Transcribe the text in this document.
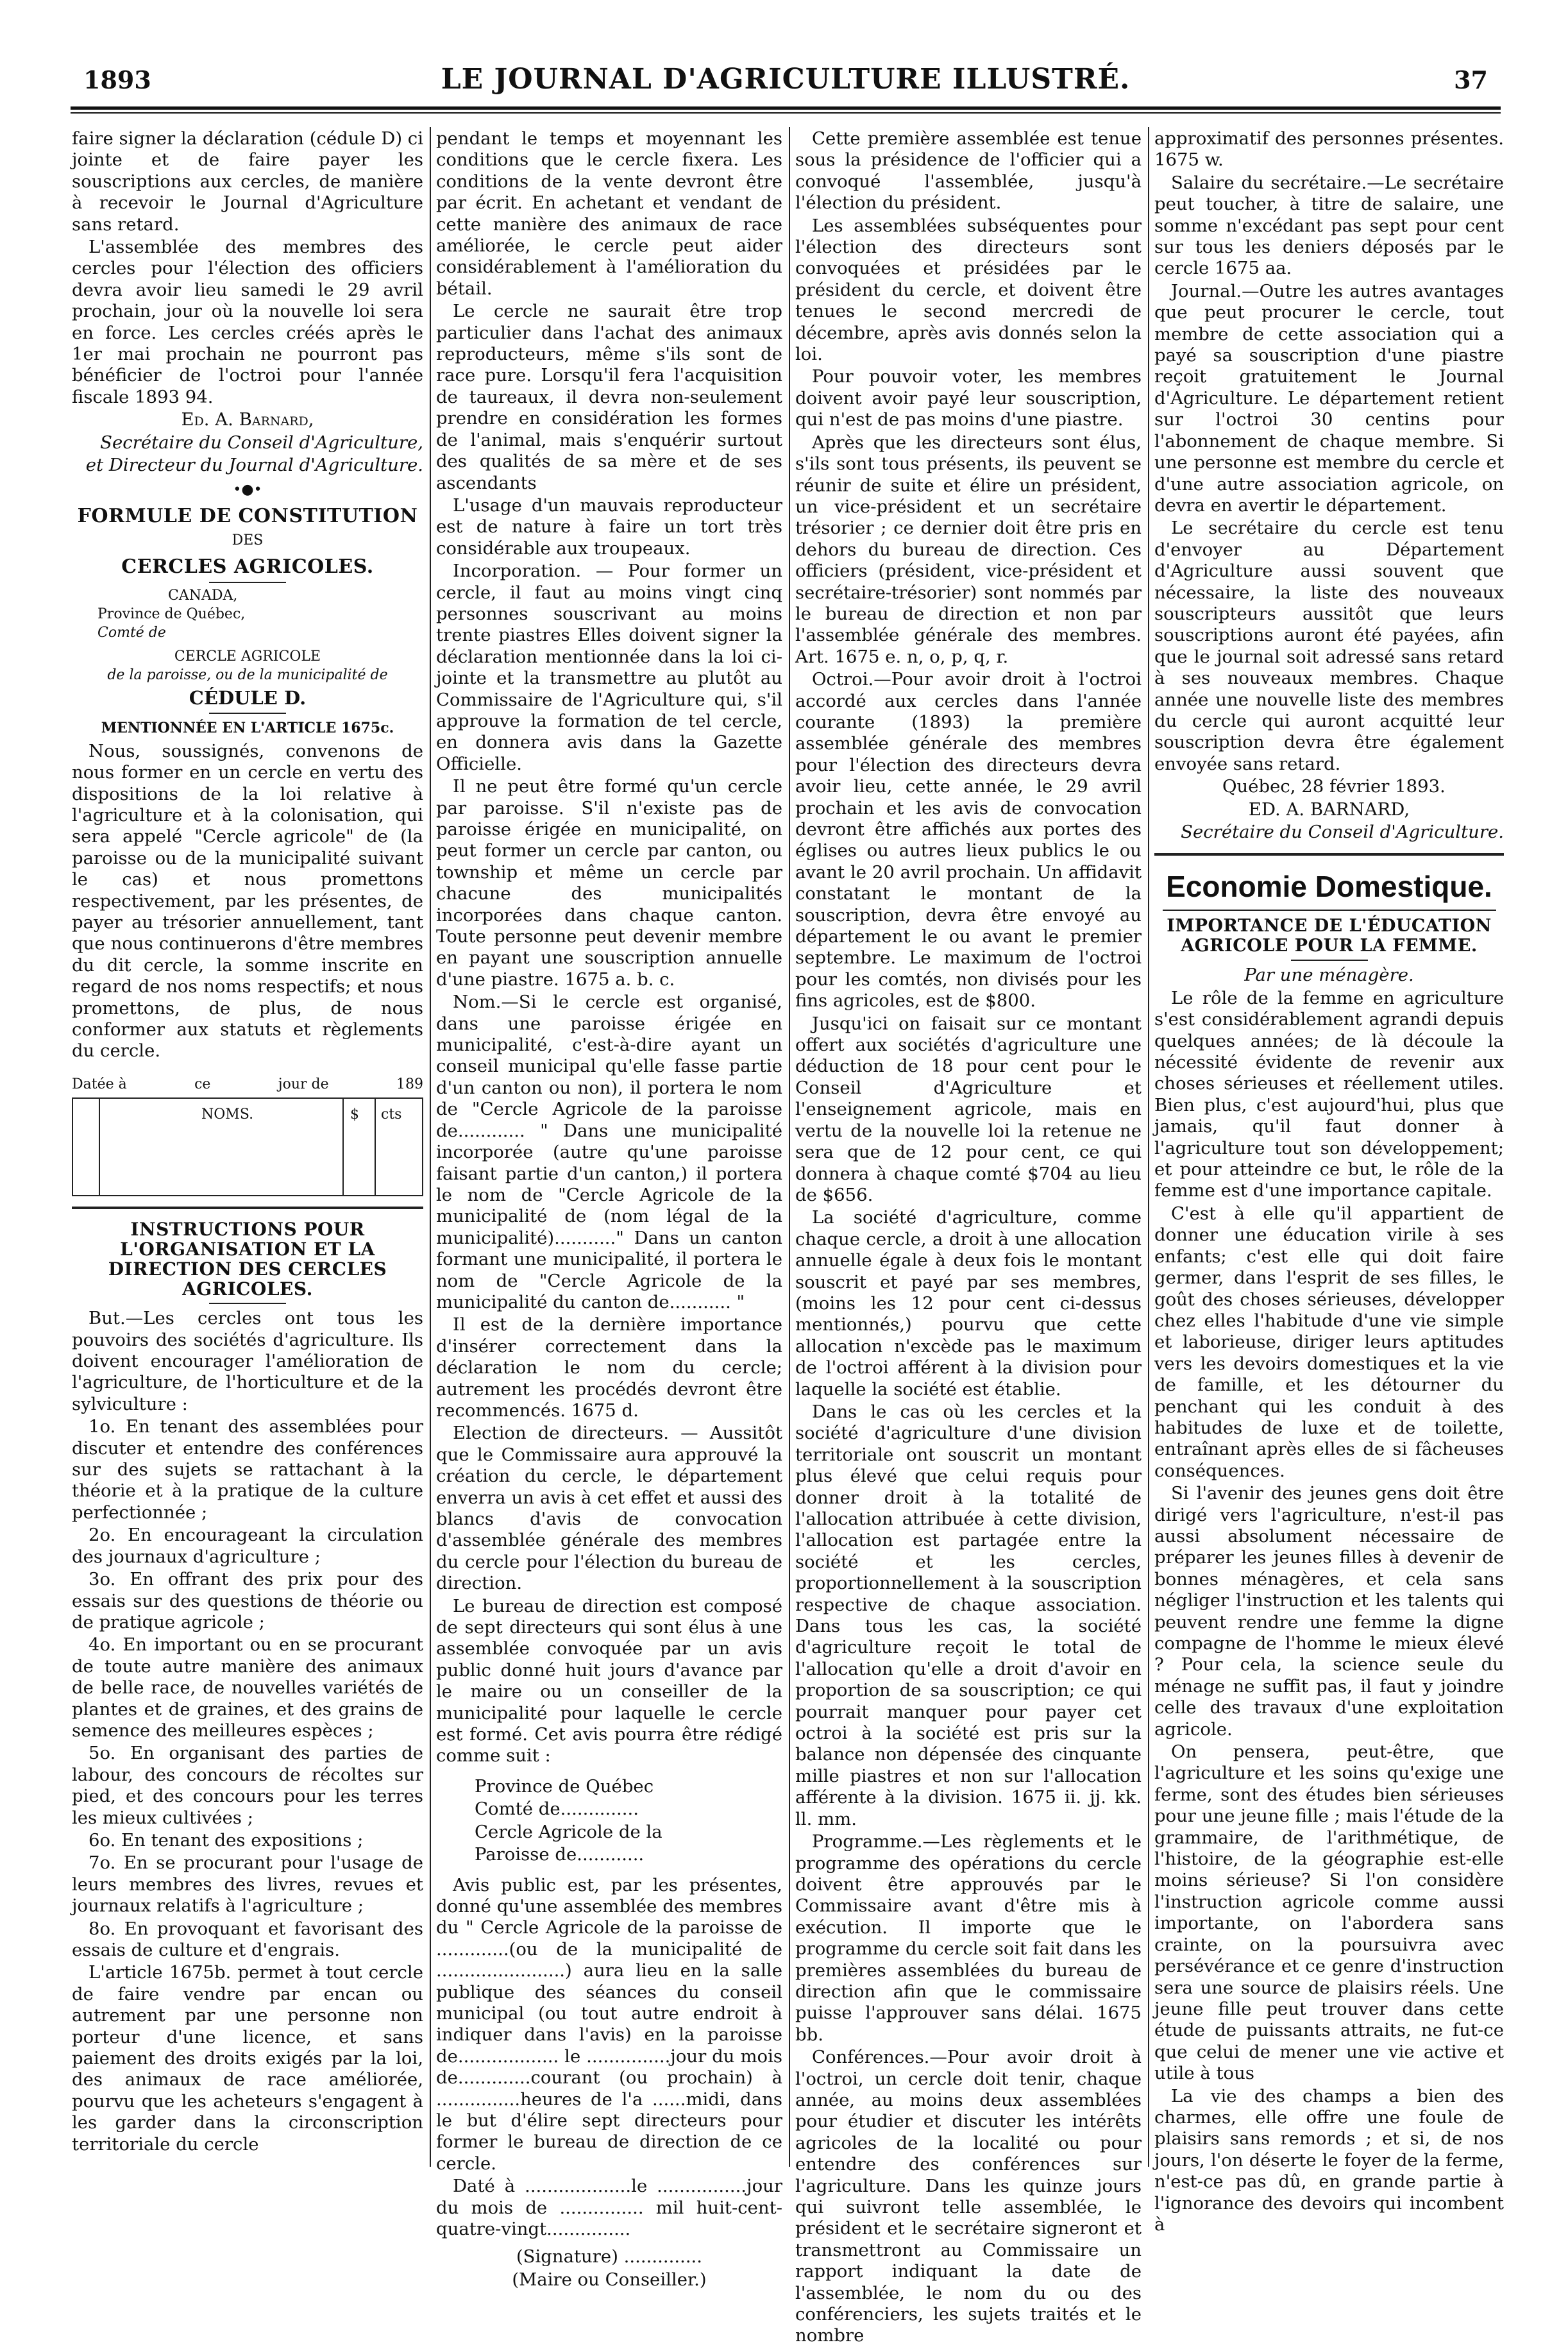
1893	LE JOURNAL D'AGRICULTURE ILLUSTRÉ.	37

faire signer la déclaration (cédule D) ci jointe et de faire payer les souscriptions aux cercles, de manière à recevoir le Journal d'Agriculture sans retard.

L'assemblée des membres des cercles pour l'élection des officiers devra avoir lieu samedi le 29 avril prochain, jour où la nouvelle loi sera en force. Les cercles créés après le 1er mai prochain ne pourront pas bénéficier de l'octroi pour l'année fiscale 1893 94.

Ed. A. Barnard,

Secrétaire du Conseil d'Agriculture,

et Directeur du Journal d'Agriculture.

•●•

FORMULE DE CONSTITUTION

DES

CERCLES AGRICOLES.

CANADA,

Province de Québec,

Comté de

CERCLE AGRICOLE

de la paroisse, ou de la municipalité de

CÉDULE D.

MENTIONNÉE EN L'ARTICLE 1675c.

Nous, soussignés, convenons de nous former en un cercle en vertu des dispositions de la loi relative à l'agriculture et à la colonisation, qui sera appelé "Cercle agricole" de (la paroisse ou de la municipalité suivant le cas) et nous promettons respectivement, par les présentes, de payer au trésorier annuellement, tant que nous continuerons d'être membres du dit cercle, la somme inscrite en regard de nos noms respectifs; et nous promettons, de plus, de nous conformer aux statuts et règlements du cercle.

Datée à	ce	jour de	189
NOMS.	$ cts
INSTRUCTIONS POUR L'ORGANISATION ET LA DIRECTION DES CERCLES AGRICOLES.

But.—Les cercles ont tous les pouvoirs des sociétés d'agriculture. Ils doivent encourager l'amélioration de l'agriculture, de l'horticulture et de la sylviculture :

1o. En tenant des assemblées pour discuter et entendre des conférences sur des sujets se rattachant à la théorie et à la pratique de la culture perfectionnée ;

2o. En encourageant la circulation des journaux d'agriculture ;

3o. En offrant des prix pour des essais sur des questions de théorie ou de pratique agricole ;

4o. En important ou en se procurant de toute autre manière des animaux de belle race, de nouvelles variétés de plantes et de graines, et des grains de semence des meilleures espèces ;

5o. En organisant des parties de labour, des concours de récoltes sur pied, et des concours pour les terres les mieux cultivées ;

6o. En tenant des expositions ;

7o. En se procurant pour l'usage de leurs membres des livres, revues et journaux relatifs à l'agriculture ;

8o. En provoquant et favorisant des essais de culture et d'engrais.

L'article 1675b. permet à tout cercle de faire vendre par encan ou autrement par une personne non porteur d'une licence, et sans paiement des droits exigés par la loi, des animaux de race améliorée, pourvu que les acheteurs s'engagent à les garder dans la circonscription territoriale du cercle

pendant le temps et moyennant les conditions que le cercle fixera. Les conditions de la vente devront être par écrit. En achetant et vendant de cette manière des animaux de race améliorée, le cercle peut aider considérablement à l'amélioration du bétail.

Le cercle ne saurait être trop particulier dans l'achat des animaux reproducteurs, même s'ils sont de race pure. Lorsqu'il fera l'acquisition de taureaux, il devra non-seulement prendre en considération les formes de l'animal, mais s'enquérir surtout des qualités de sa mère et de ses ascendants

L'usage d'un mauvais reproducteur est de nature à faire un tort très considérable aux troupeaux.

Incorporation. — Pour former un cercle, il faut au moins vingt cinq personnes souscrivant au moins trente piastres Elles doivent signer la déclaration mentionnée dans la loi ci-jointe et la transmettre au plutôt au Commissaire de l'Agriculture qui, s'il approuve la formation de tel cercle, en donnera avis dans la Gazette Officielle.

Il ne peut être formé qu'un cercle par paroisse. S'il n'existe pas de paroisse érigée en municipalité, on peut former un cercle par canton, ou township et même un cercle par chacune des municipalités incorporées dans chaque canton. Toute personne peut devenir membre en payant une souscription annuelle d'une piastre. 1675 a. b. c.

Nom.—Si le cercle est organisé, dans une paroisse érigée en municipalité, c'est-à-dire ayant un conseil municipal qu'elle fasse partie d'un canton ou non), il portera le nom de "Cercle Agricole de la paroisse de............ " Dans une municipalité incorporée (autre qu'une paroisse faisant partie d'un canton,) il portera le nom de "Cercle Agricole de la municipalité de (nom légal de la municipalité)..........." Dans un canton formant une municipalité, il portera le nom de "Cercle Agricole de la municipalité du canton de........... "

Il est de la dernière importance d'insérer correctement dans la déclaration le nom du cercle; autrement les procédés devront être recommencés. 1675 d.

Election de directeurs. — Aussitôt que le Commissaire aura approuvé la création du cercle, le département enverra un avis à cet effet et aussi des blancs d'avis de convocation d'assemblée générale des membres du cercle pour l'élection du bureau de direction.

Le bureau de direction est composé de sept directeurs qui sont élus à une assemblée convoquée par un avis public donné huit jours d'avance par le maire ou un conseiller de la municipalité pour laquelle le cercle est formé. Cet avis pourra être rédigé comme suit :

Province de Québec

Comté de..............

Cercle Agricole de la

Paroisse de............

Avis public est, par les présentes, donné qu'une assemblée des membres du " Cercle Agricole de la paroisse de .............(ou de la municipalité de .......................) aura lieu en la salle publique des séances du conseil municipal (ou tout autre endroit à indiquer dans l'avis) en la paroisse de.................. le ...............jour du mois de.............courant (ou prochain) à ...............heures de l'a ......midi, dans le but d'élire sept directeurs pour former le bureau de direction de ce cercle.

Daté à ...................le ................jour du mois de ............... mil huit-cent-quatre-vingt...............

(Signature) ..............

(Maire ou Conseiller.)

Cette première assemblée est tenue sous la présidence de l'officier qui a convoqué l'assemblée, jusqu'à l'élection du président.

Les assemblées subséquentes pour l'élection des directeurs sont convoquées et présidées par le président du cercle, et doivent être tenues le second mercredi de décembre, après avis donnés selon la loi.

Pour pouvoir voter, les membres doivent avoir payé leur souscription, qui n'est de pas moins d'une piastre.

Après que les directeurs sont élus, s'ils sont tous présents, ils peuvent se réunir de suite et élire un président, un vice-président et un secrétaire trésorier ; ce dernier doit être pris en dehors du bureau de direction. Ces officiers (président, vice-président et secrétaire-trésorier) sont nommés par le bureau de direction et non par l'assemblée générale des membres. Art. 1675 e. n, o, p, q, r.

Octroi.—Pour avoir droit à l'octroi accordé aux cercles dans l'année courante (1893) la première assemblée générale des membres pour l'élection des directeurs devra avoir lieu, cette année, le 29 avril prochain et les avis de convocation devront être affichés aux portes des églises ou autres lieux publics le ou avant le 20 avril prochain. Un affidavit constatant le montant de la souscription, devra être envoyé au département le ou avant le premier septembre. Le maximum de l'octroi pour les comtés, non divisés pour les fins agricoles, est de $800.

Jusqu'ici on faisait sur ce montant offert aux sociétés d'agriculture une déduction de 18 pour cent pour le Conseil d'Agriculture et l'enseignement agricole, mais en vertu de la nouvelle loi la retenue ne sera que de 12 pour cent, ce qui donnera à chaque comté $704 au lieu de $656.

La société d'agriculture, comme chaque cercle, a droit à une allocation annuelle égale à deux fois le montant souscrit et payé par ses membres, (moins les 12 pour cent ci-dessus mentionnés,) pourvu que cette allocation n'excède pas le maximum de l'octroi afférent à la division pour laquelle la société est établie.

Dans le cas où les cercles et la société d'agriculture d'une division territoriale ont souscrit un montant plus élevé que celui requis pour donner droit à la totalité de l'allocation attribuée à cette division, l'allocation est partagée entre la société et les cercles, proportionnellement à la souscription respective de chaque association. Dans tous les cas, la société d'agriculture reçoit le total de l'allocation qu'elle a droit d'avoir en proportion de sa souscription; ce qui pourrait manquer pour payer cet octroi à la société est pris sur la balance non dépensée des cinquante mille piastres et non sur l'allocation afférente à la division. 1675 ii. jj. kk. ll. mm.

Programme.—Les règlements et le programme des opérations du cercle doivent être approuvés par le Commissaire avant d'être mis à exécution. Il importe que le programme du cercle soit fait dans les premières assemblées du bureau de direction afin que le commissaire puisse l'approuver sans délai. 1675 bb.

Conférences.—Pour avoir droit à l'octroi, un cercle doit tenir, chaque année, au moins deux assemblées pour étudier et discuter les intérêts agricoles de la localité ou pour entendre des conférences sur l'agriculture. Dans les quinze jours qui suivront telle assemblée, le président et le secrétaire signeront et transmettront au Commissaire un rapport indiquant la date de l'assemblée, le nom du ou des conférenciers, les sujets traités et le nombre

approximatif des personnes présentes. 1675 w.

Salaire du secrétaire.—Le secrétaire peut toucher, à titre de salaire, une somme n'excédant pas sept pour cent sur tous les deniers déposés par le cercle 1675 aa.

Journal.—Outre les autres avantages que peut procurer le cercle, tout membre de cette association qui a payé sa souscription d'une piastre reçoit gratuitement le Journal d'Agriculture. Le département retient sur l'octroi 30 centins pour l'abonnement de chaque membre. Si une personne est membre du cercle et d'une autre association agricole, on devra en avertir le département.

Le secrétaire du cercle est tenu d'envoyer au Département d'Agriculture aussi souvent que nécessaire, la liste des nouveaux souscripteurs aussitôt que leurs souscriptions auront été payées, afin que le journal soit adressé sans retard à ses nouveaux membres. Chaque année une nouvelle liste des membres du cercle qui auront acquitté leur souscription devra être également envoyée sans retard.

Québec, 28 février 1893.

ED. A. BARNARD,

Secrétaire du Conseil d'Agriculture.

Economie Domestique.
IMPORTANCE DE L'ÉDUCATION AGRICOLE POUR LA FEMME.

Par une ménagère.

Le rôle de la femme en agriculture s'est considérablement agrandi depuis quelques années; de là découle la nécessité évidente de revenir aux choses sérieuses et réellement utiles. Bien plus, c'est aujourd'hui, plus que jamais, qu'il faut donner à l'agriculture tout son développement; et pour atteindre ce but, le rôle de la femme est d'une importance capitale.

C'est à elle qu'il appartient de donner une éducation virile à ses enfants; c'est elle qui doit faire germer, dans l'esprit de ses filles, le goût des choses sérieuses, développer chez elles l'habitude d'une vie simple et laborieuse, diriger leurs aptitudes vers les devoirs domestiques et la vie de famille, et les détourner du penchant qui les conduit à des habitudes de luxe et de toilette, entraînant après elles de si fâcheuses conséquences.

Si l'avenir des jeunes gens doit être dirigé vers l'agriculture, n'est-il pas aussi absolument nécessaire de préparer les jeunes filles à devenir de bonnes ménagères, et cela sans négliger l'instruction et les talents qui peuvent rendre une femme la digne compagne de l'homme le mieux élevé ? Pour cela, la science seule du ménage ne suffit pas, il faut y joindre celle des travaux d'une exploitation agricole.

On pensera, peut-être, que l'agriculture et les soins qu'exige une ferme, sont des études bien sérieuses pour une jeune fille ; mais l'étude de la grammaire, de l'arithmétique, de l'histoire, de la géographie est-elle moins sérieuse? Si l'on considère l'instruction agricole comme aussi importante, on l'abordera sans crainte, on la poursuivra avec persévérance et ce genre d'instruction sera une source de plaisirs réels. Une jeune fille peut trouver dans cette étude de puissants attraits, ne fut-ce que celui de mener une vie active et utile à tous

La vie des champs a bien des charmes, elle offre une foule de plaisirs sans remords ; et si, de nos jours, l'on déserte le foyer de la ferme, n'est-ce pas dû, en grande partie à l'ignorance des devoirs qui incombent à
